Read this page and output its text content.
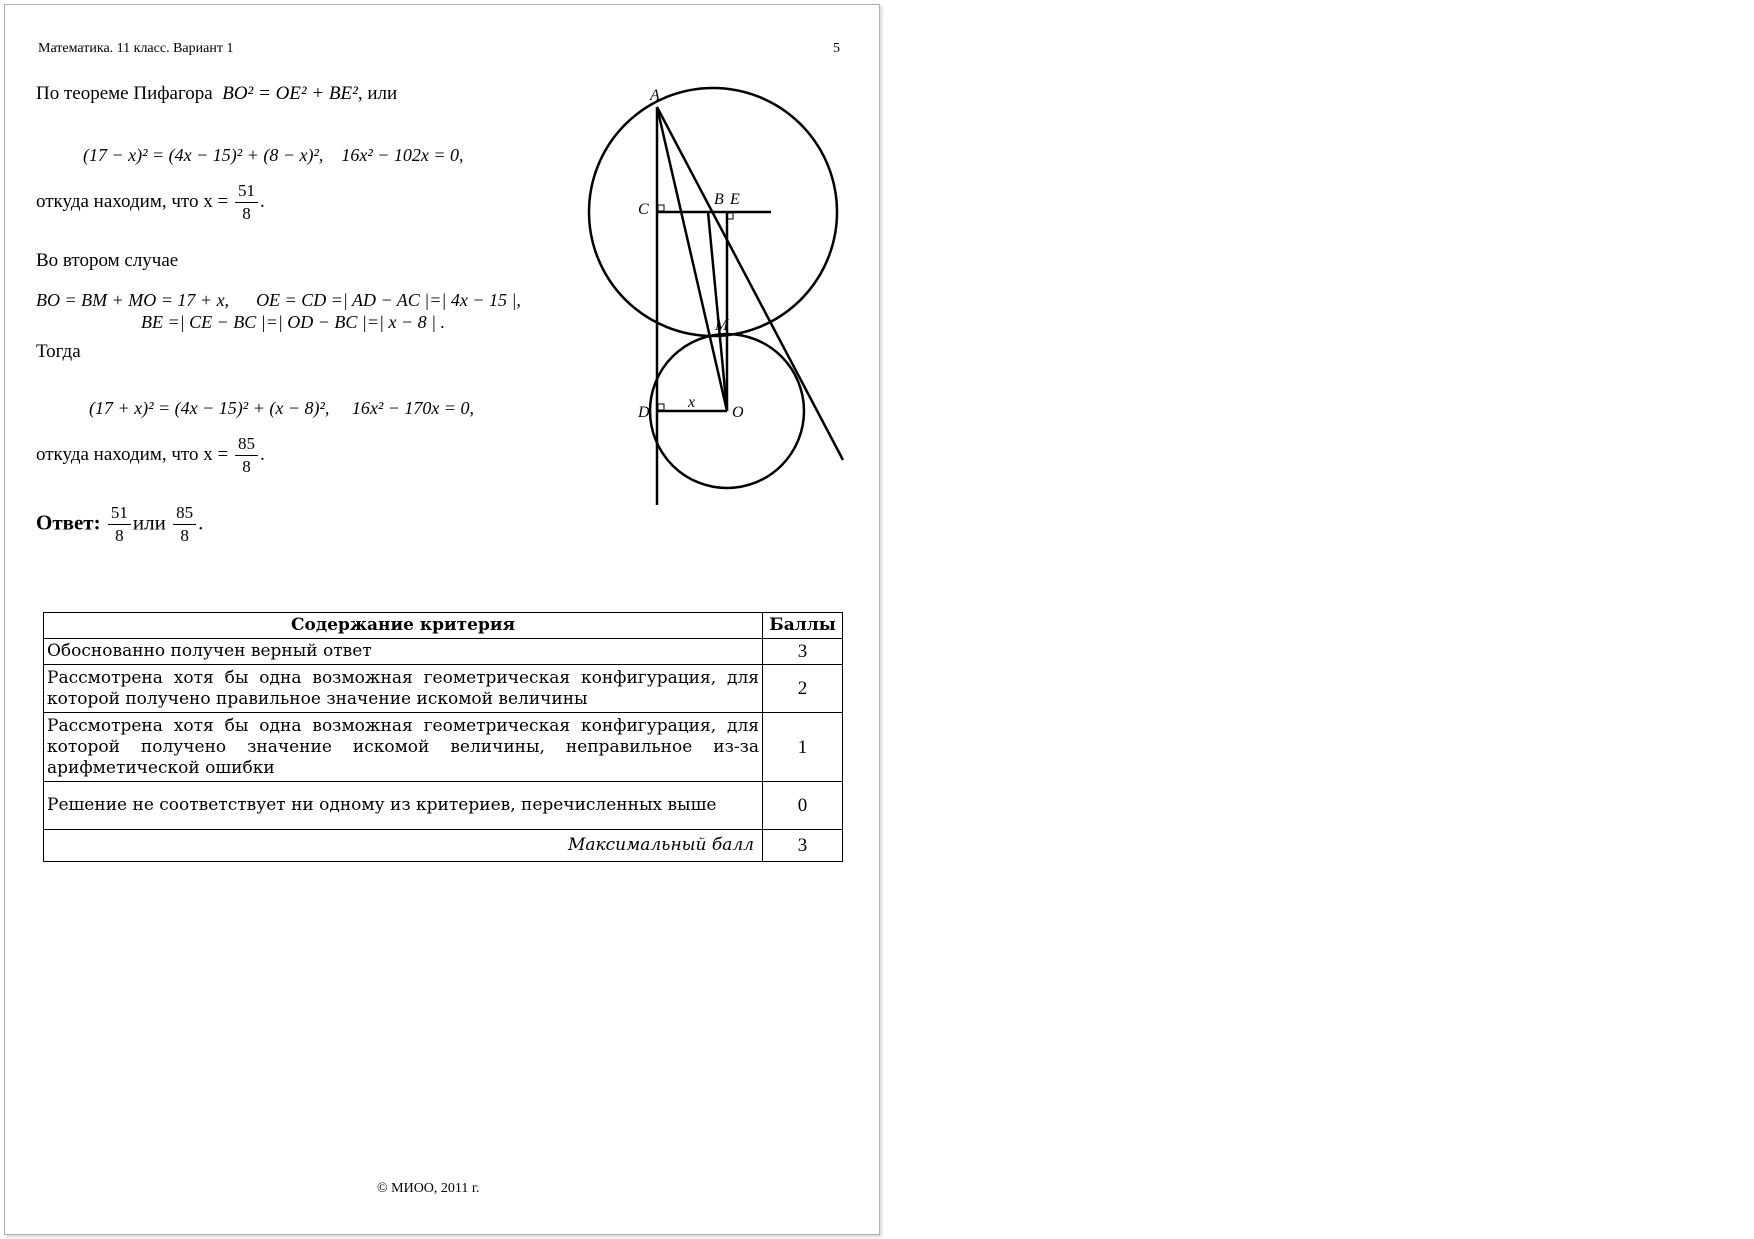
Математика. 11 класс. Вариант 1	5
По теореме Пифагора BO² = OE² + BE², или
(17 − x)² = (4x − 15)² + (8 − x)², 16x² − 102x = 0,
откуда находим, что $x = \frac{51}{8}$ .
Во втором случае
BO = BM + MO = 17 + x, OE = CD =| AD − AC |=| 4x − 15 |,
BE =| CE − BC |=| OD − BC |=| x − 8 | .
Тогда
(17 + x)² = (4x − 15)² + (x − 8)², 16x² − 170x = 0,
откуда находим, что $x = \frac{85}{8}$ .
Ответ: $\frac{51}{8}$ или $\frac{85}{8}$ .
A
C
B E
M
D	O
x
Содержание критерия	Баллы
Обоснованно получен верный ответ	3
Рассмотрена хотя бы одна возможная геометрическая конфигурация, для которой получено правильное значение искомой величины	2
Рассмотрена хотя бы одна возможная геометрическая конфигурация, для которой получено значение искомой величины, неправильное из-за арифметической ошибки	1
Решение не соответствует ни одному из критериев, перечисленных выше	0
Максимальный балл	3
© МИОО, 2011 г.
